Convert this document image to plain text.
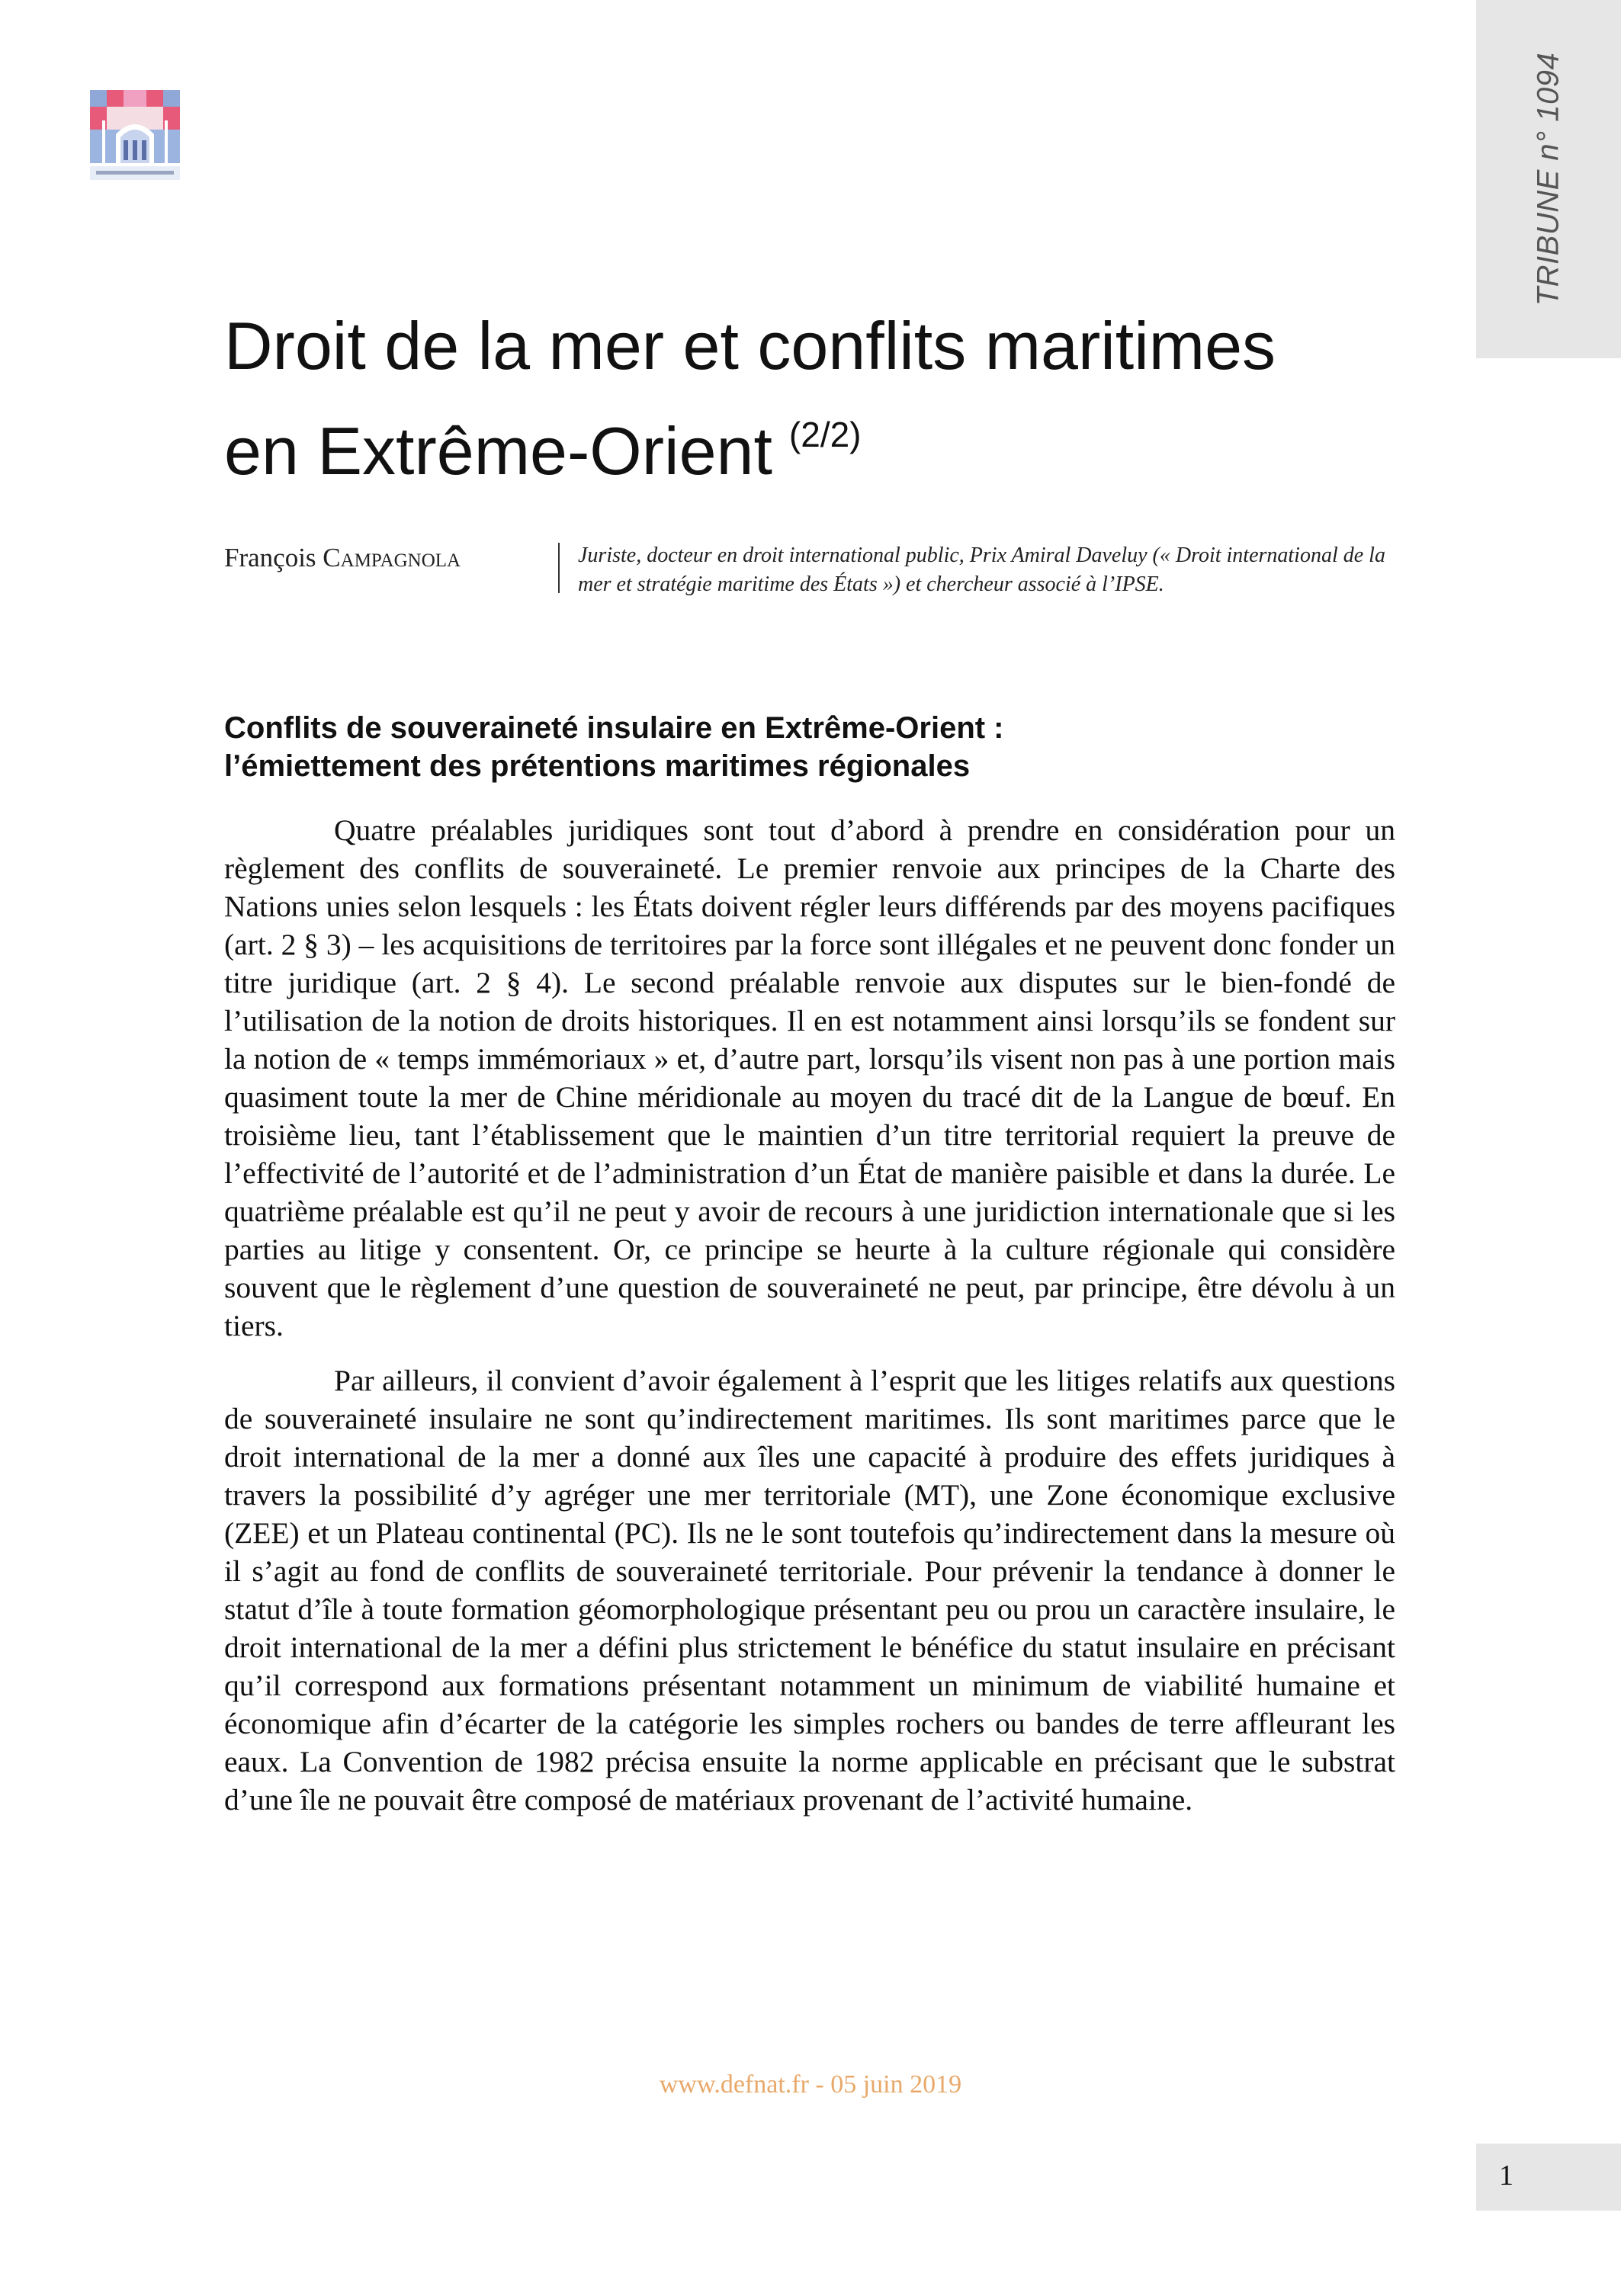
TRIBUNE n° 1094
Droit de la mer et conflits maritimes en Extrême-Orient $^{(2/2)}$
François Campagnola	Juriste, docteur en droit international public, Prix Amiral Daveluy (« Droit international de la mer et stratégie maritime des États ») et chercheur associé à l’IPSE.
Conflits de souveraineté insulaire en Extrême-Orient :
l’émiettement des prétentions maritimes régionales

Quatre préalables juridiques sont tout d’abord à prendre en considération pour un règlement des conflits de souveraineté. Le premier renvoie aux principes de la Charte des Nations unies selon lesquels : les États doivent régler leurs différends par des moyens pacifiques (art. 2 § 3) – les acquisitions de territoires par la force sont illégales et ne peuvent donc fonder un titre juridique (art. 2 § 4). Le second préalable renvoie aux disputes sur le bien-fondé de l’utilisation de la notion de droits historiques. Il en est notamment ainsi lorsqu’ils se fondent sur la notion de « temps immémoriaux » et, d’autre part, lorsqu’ils visent non pas à une portion mais quasiment toute la mer de Chine méridionale au moyen du tracé dit de la Langue de bœuf. En troisième lieu, tant l’établissement que le maintien d’un titre territorial requiert la preuve de l’effectivité de l’autorité et de l’administration d’un État de manière paisible et dans la durée. Le quatrième préalable est qu’il ne peut y avoir de recours à une juridiction internationale que si les parties au litige y consentent. Or, ce principe se heurte à la culture régionale qui considère souvent que le règlement d’une question de souveraineté ne peut, par principe, être dévolu à un tiers.

Par ailleurs, il convient d’avoir également à l’esprit que les litiges relatifs aux questions de souveraineté insulaire ne sont qu’indirectement maritimes. Ils sont maritimes parce que le droit international de la mer a donné aux îles une capacité à produire des effets juridiques à travers la possibilité d’y agréger une mer territoriale (MT), une Zone économique exclusive (ZEE) et un Plateau continental (PC). Ils ne le sont toutefois qu’indirectement dans la mesure où il s’agit au fond de conflits de souveraineté territoriale. Pour prévenir la tendance à donner le statut d’île à toute formation géomorphologique présentant peu ou prou un caractère insulaire, le droit international de la mer a défini plus strictement le bénéfice du statut insulaire en précisant qu’il correspond aux formations présentant notamment un minimum de viabilité humaine et économique afin d’écarter de la catégorie les simples rochers ou bandes de terre affleurant les eaux. La Convention de 1982 précisa ensuite la norme applicable en précisant que le substrat d’une île ne pouvait être composé de matériaux provenant de l’activité humaine.

www.defnat.fr - 05 juin 2019
1
